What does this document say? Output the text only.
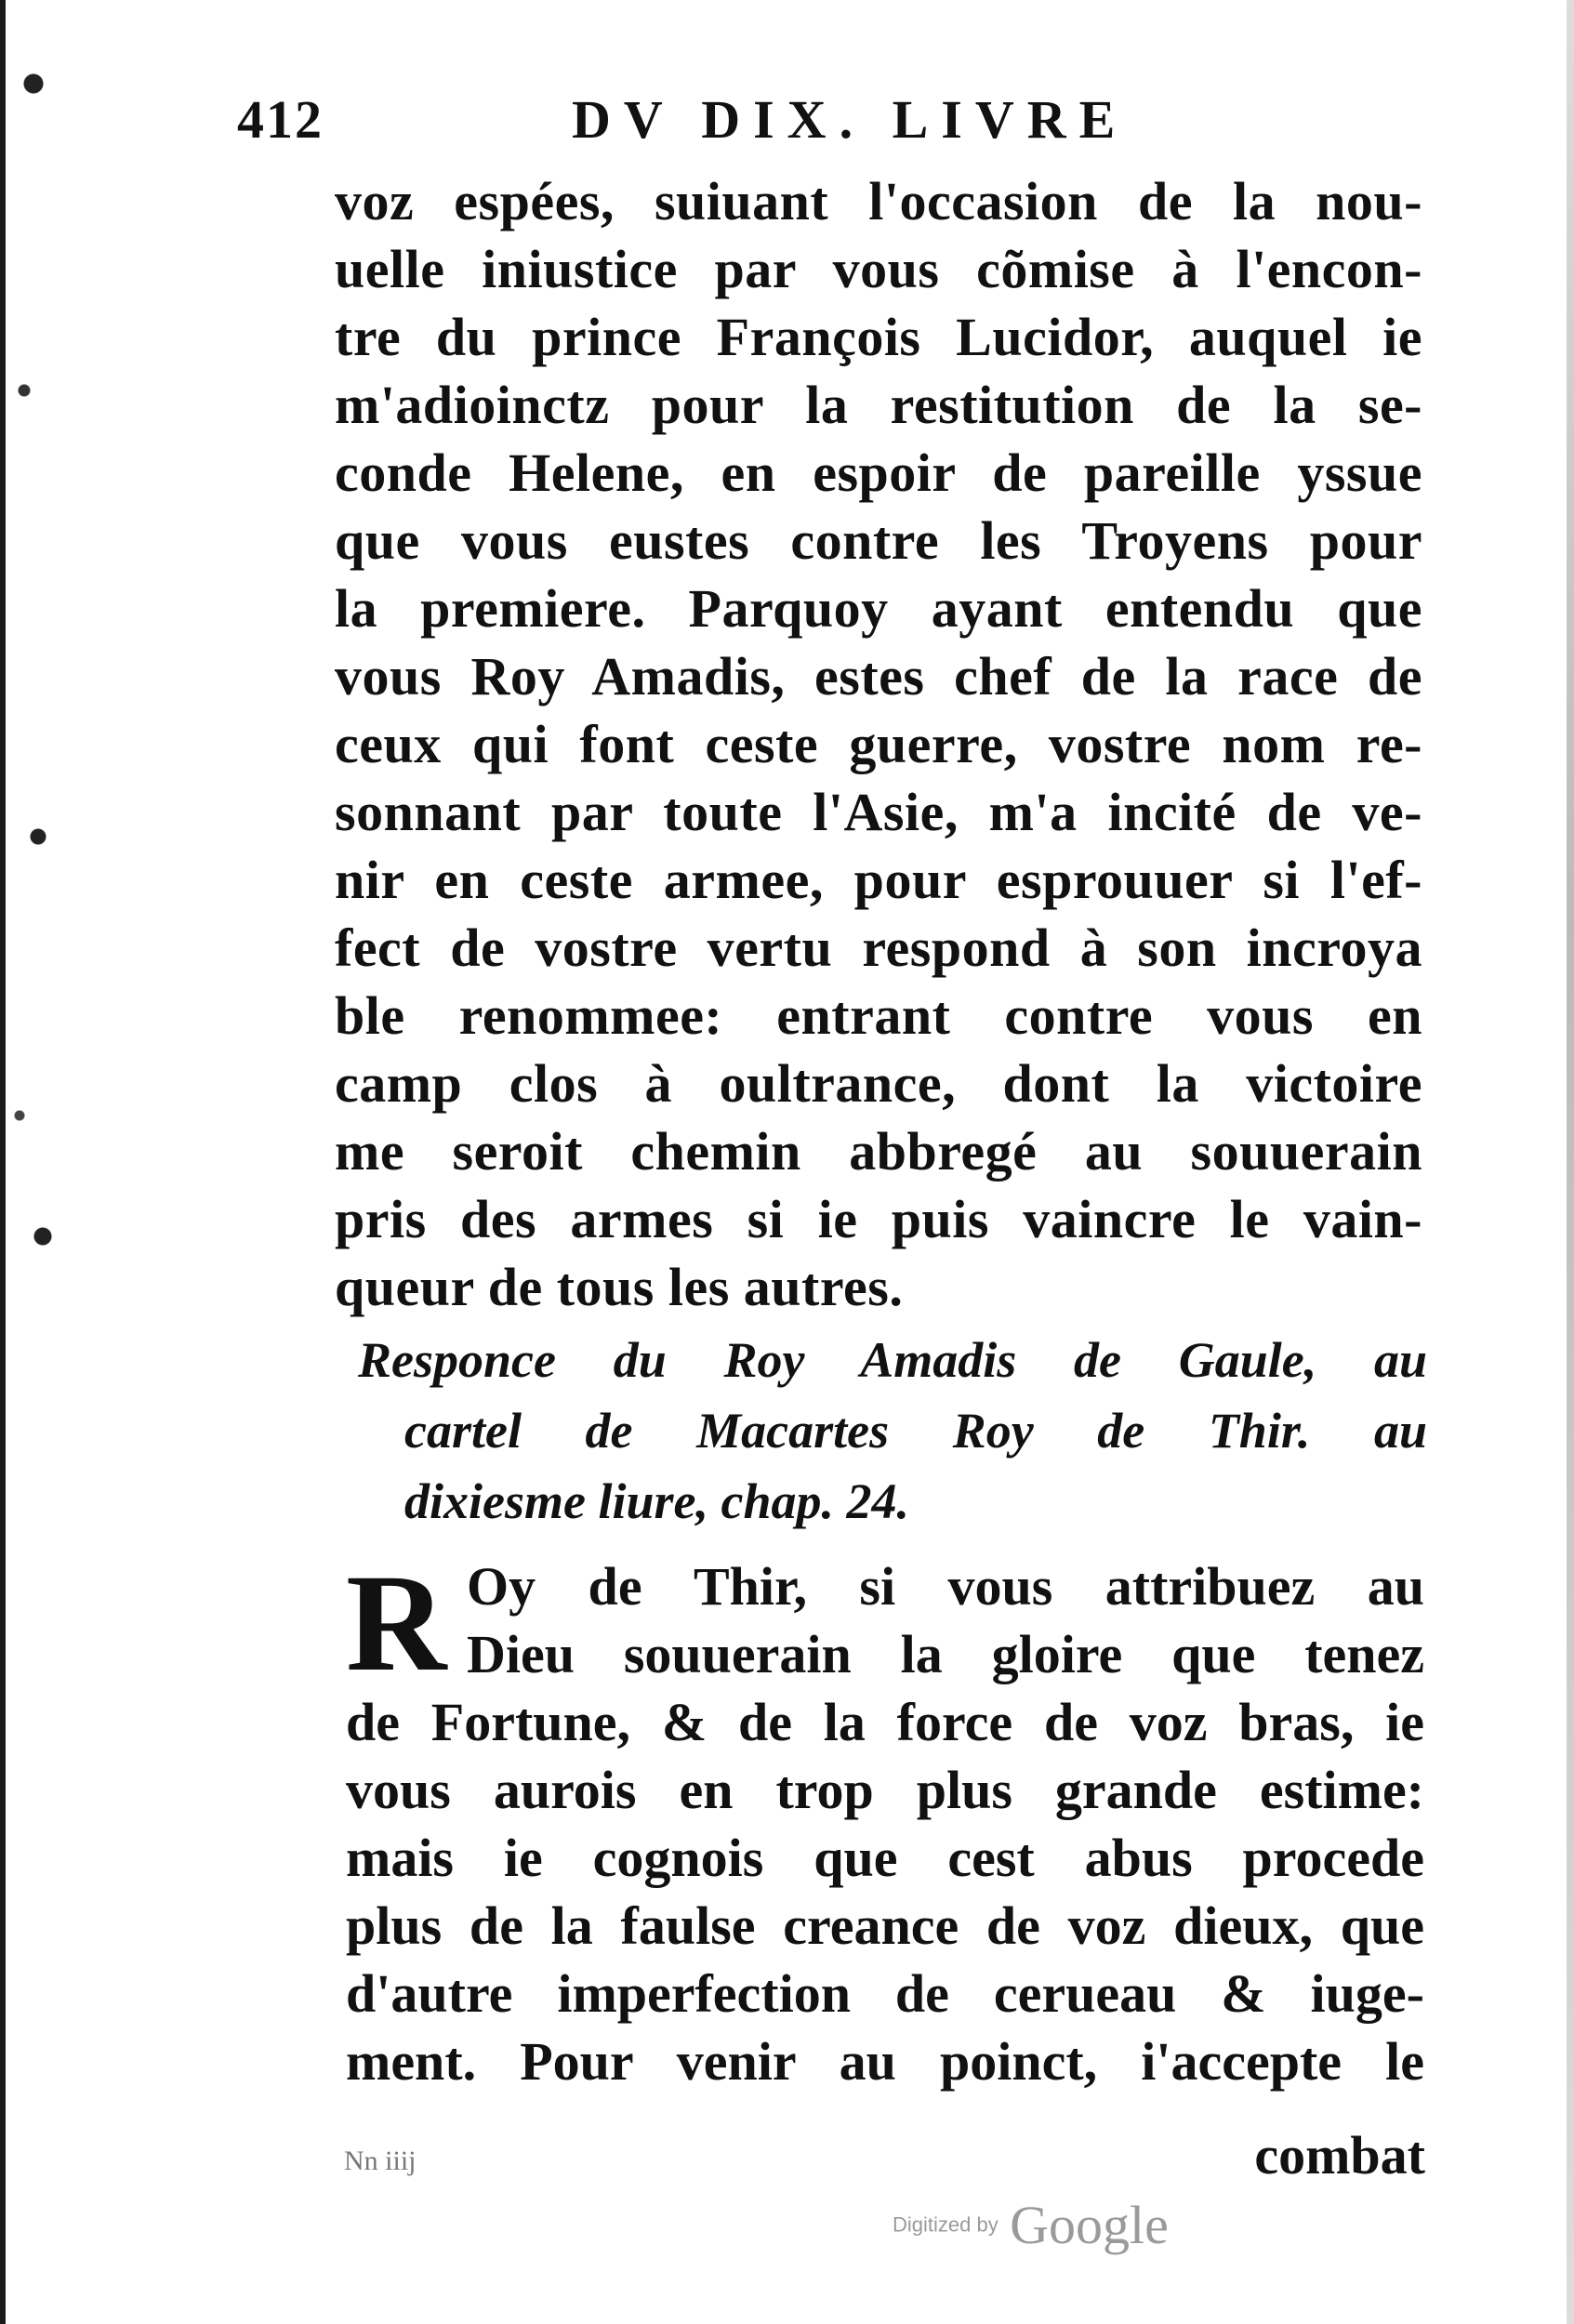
412	DV DIX. LIVRE
voz espées, suiuant l'occasion de la nou-
uelle iniustice par vous cõmise à l'encon-
tre du prince François Lucidor, auquel ie
m'adioinctz pour la restitution de la se-
conde Helene, en espoir de pareille yssue
que vous eustes contre les Troyens pour
la premiere. Parquoy ayant entendu que
vous Roy Amadis, estes chef de la race de
ceux qui font ceste guerre, vostre nom re-
sonnant par toute l'Asie, m'a incité de ve-
nir en ceste armee, pour esprouuer si l'ef-
fect de vostre vertu respond à son incroya
ble renommee: entrant contre vous en
camp clos à oultrance, dont la victoire
me seroit chemin abbregé au souuerain
pris des armes si ie puis vaincre le vain-
queur de tous les autres.
Responce du Roy Amadis de Gaule, au
cartel de Macartes Roy de Thir. au
dixiesme liure, chap. 24.
R Oy de Thir, si vous attribuez au
Dieu souuerain la gloire que tenez
de Fortune, & de la force de voz bras, ie
vous aurois en trop plus grande estime:
mais ie cognois que cest abus procede
plus de la faulse creance de voz dieux, que
d'autre imperfection de cerueau & iuge-
ment. Pour venir au poinct, i'accepte le
Nn iiij	combat
Digitized by Google
